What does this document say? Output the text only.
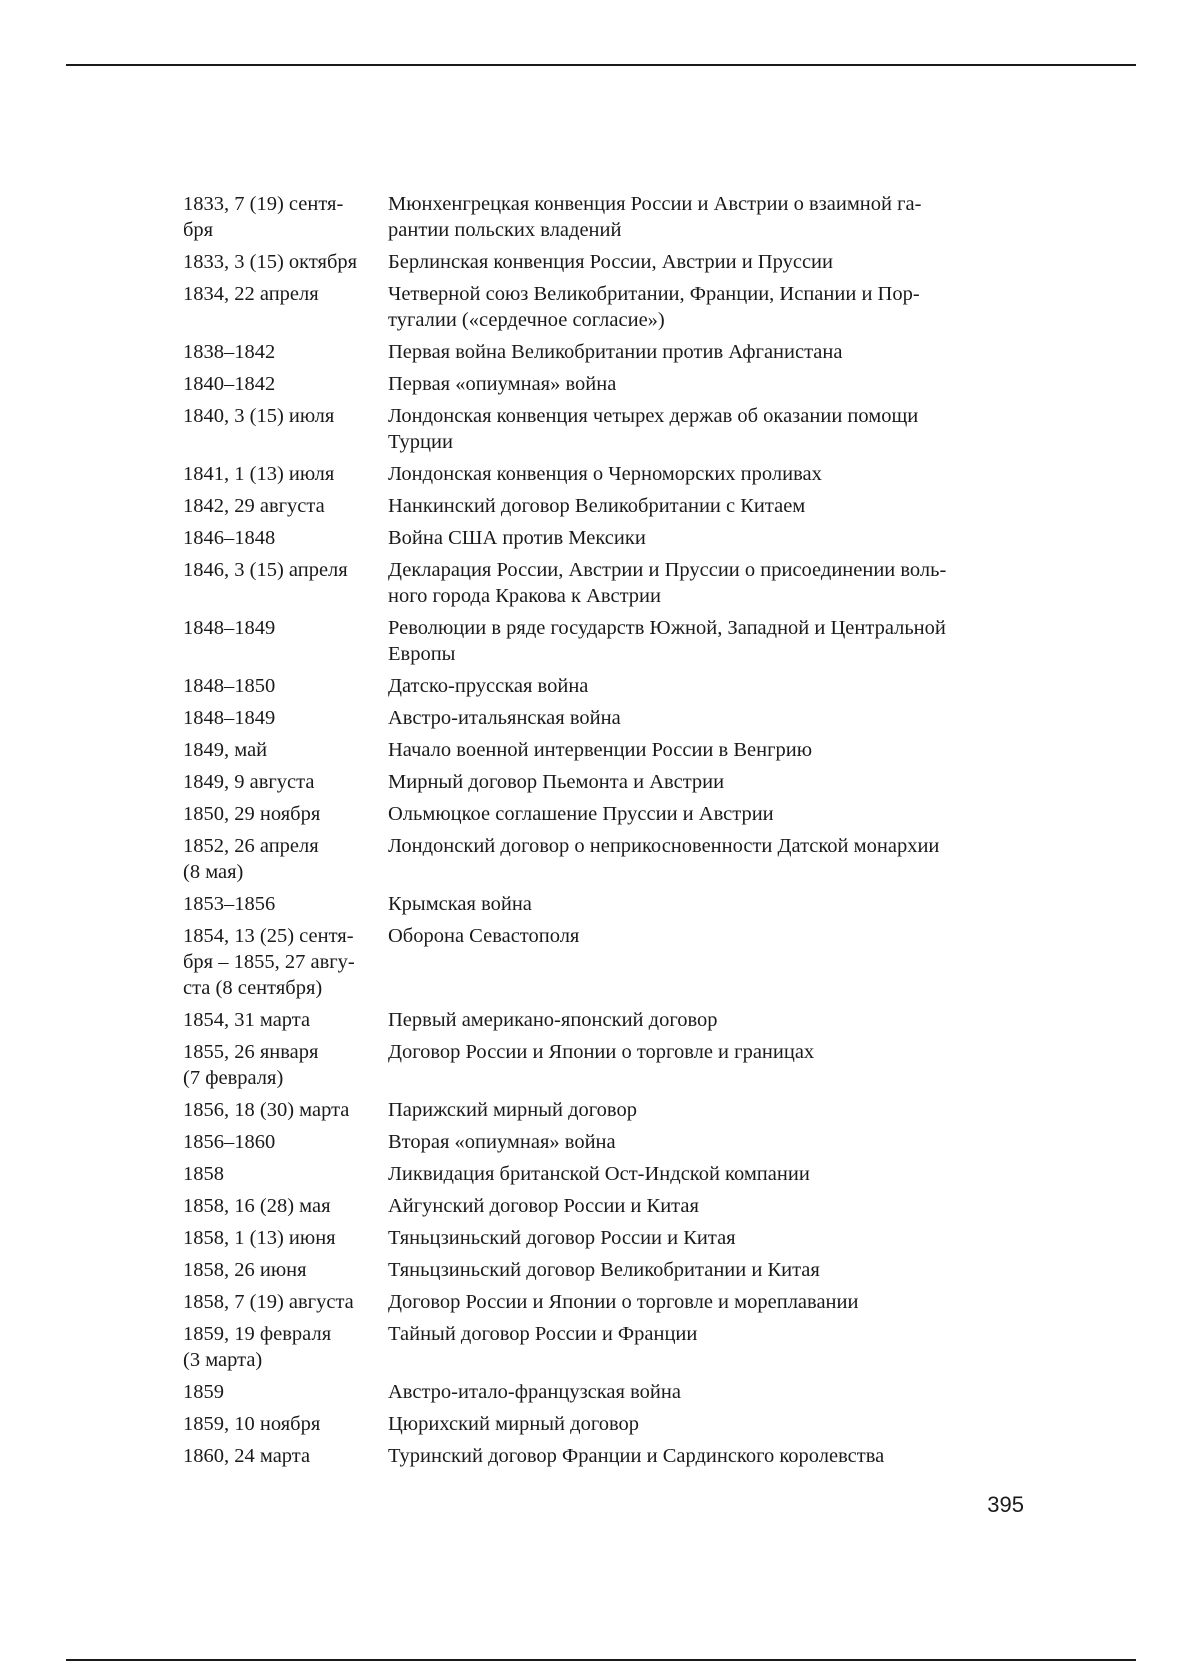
1833, 7 (19) сентя-
бря	Мюнхенгрецкая конвенция России и Австрии о взаимной га-
рантии польских владений

1833, 3 (15) октября	Берлинская конвенция России, Австрии и Пруссии

1834, 22 апреля	Четверной союз Великобритании, Франции, Испании и Пор-
тугалии («сердечное согласие»)

1838–1842	Первая война Великобритании против Афганистана

1840–1842	Первая «опиумная» война

1840, 3 (15) июля	Лондонская конвенция четырех держав об оказании помощи
Турции

1841, 1 (13) июля	Лондонская конвенция о Черноморских проливах

1842, 29 августа	Нанкинский договор Великобритании с Китаем

1846–1848	Война США против Мексики

1846, 3 (15) апреля	Декларация России, Австрии и Пруссии о присоединении воль-
ного города Кракова к Австрии

1848–1849	Революции в ряде государств Южной, Западной и Центральной
Европы

1848–1850	Датско-прусская война

1848–1849	Австро-итальянская война

1849, май	Начало военной интервенции России в Венгрию

1849, 9 августа	Мирный договор Пьемонта и Австрии

1850, 29 ноября	Ольмюцкое соглашение Пруссии и Австрии

1852, 26 апреля
(8 мая)	Лондонский договор о неприкосновенности Датской монархии

1853–1856	Крымская война

1854, 13 (25) сентя-
бря – 1855, 27 авгу-
ста (8 сентября)	Оборона Севастополя

1854, 31 марта	Первый американо-японский договор

1855, 26 января
(7 февраля)	Договор России и Японии о торговле и границах

1856, 18 (30) марта	Парижский мирный договор

1856–1860	Вторая «опиумная» война

1858	Ликвидация британской Ост-Индской компании

1858, 16 (28) мая	Айгунский договор России и Китая

1858, 1 (13) июня	Тяньцзиньский договор России и Китая

1858, 26 июня	Тяньцзиньский договор Великобритании и Китая

1858, 7 (19) августа	Договор России и Японии о торговле и мореплавании

1859, 19 февраля
(3 марта)	Тайный договор России и Франции

1859	Австро-итало-французская война

1859, 10 ноября	Цюрихский мирный договор

1860, 24 марта	Туринский договор Франции и Сардинского королевства
395
